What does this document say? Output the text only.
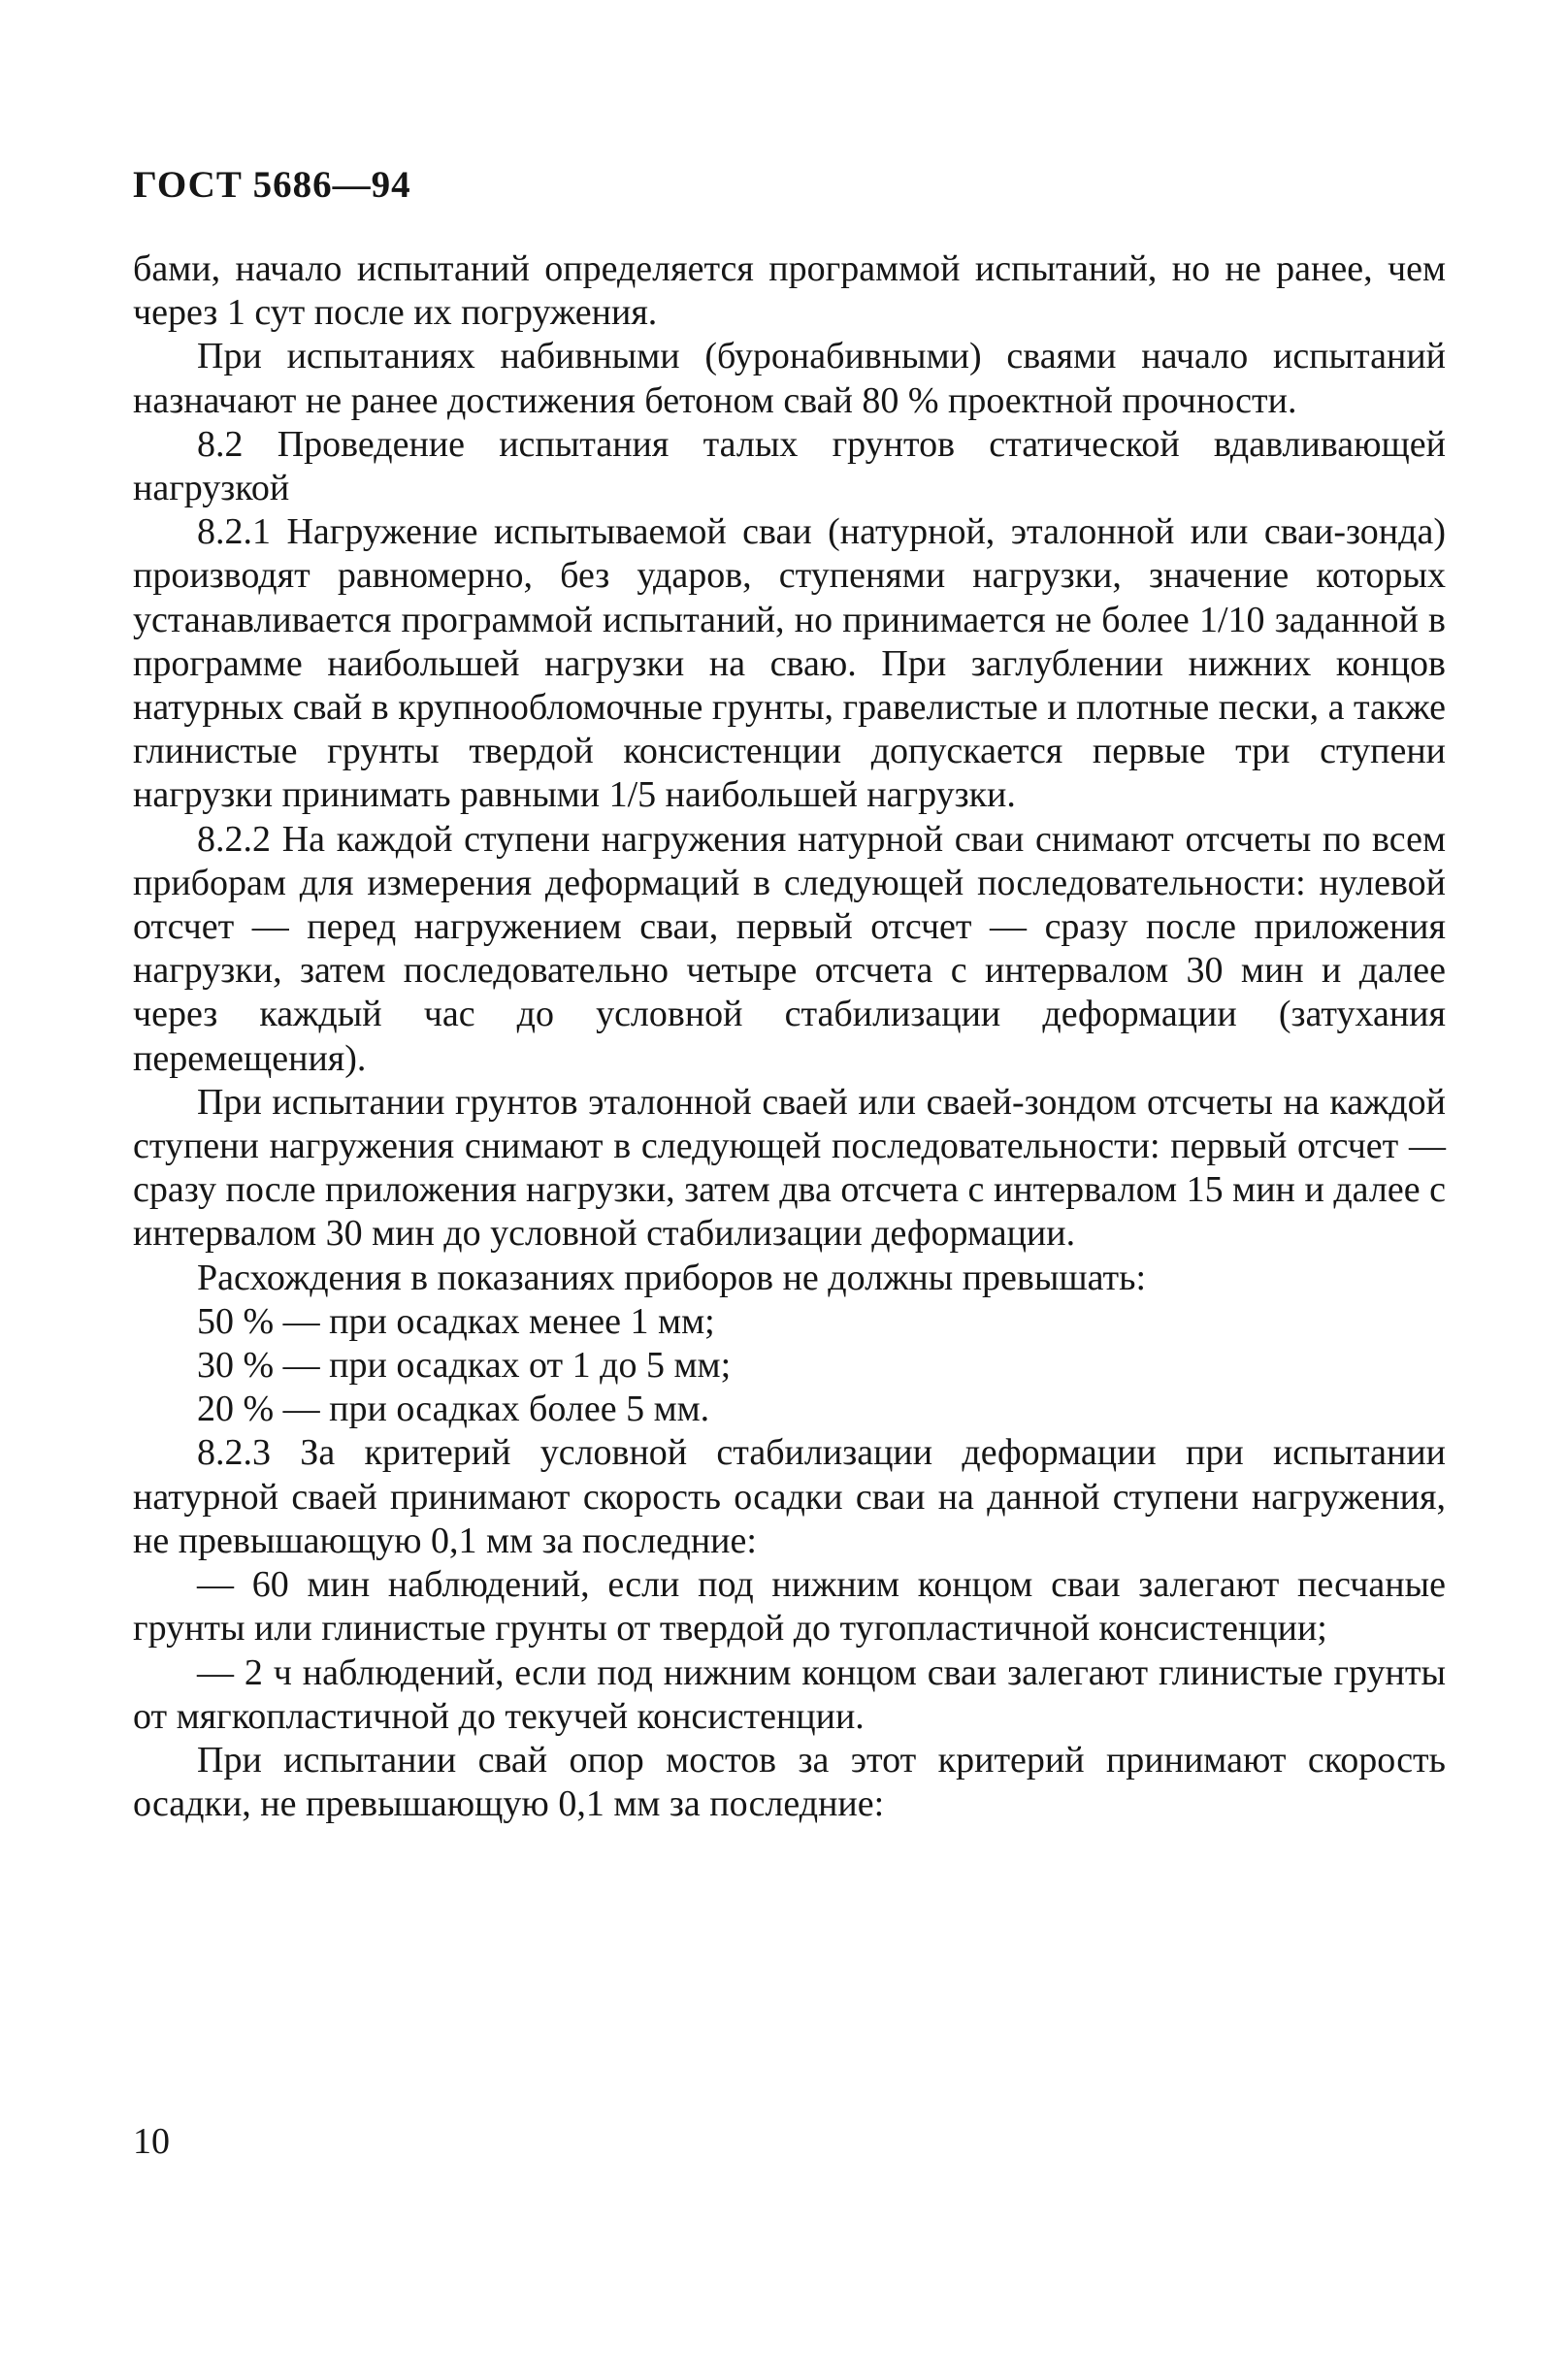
ГОСТ 5686—94

бами, начало испытаний определяется программой испытаний, но не ранее, чем через 1 сут после их погружения.

При испытаниях набивными (буронабивными) сваями начало испытаний назначают не ранее достижения бетоном свай 80 % проектной прочности.

8.2 Проведение испытания талых грунтов статической вдавливающей нагрузкой

8.2.1 Нагружение испытываемой сваи (натурной, эталонной или сваи-зонда) производят равномерно, без ударов, ступенями нагрузки, значение которых устанавливается программой испытаний, но принимается не более 1/10 заданной в программе наибольшей нагрузки на сваю. При заглублении нижних концов натурных свай в крупнообломочные грунты, гравелистые и плотные пески, а также глинистые грунты твердой консистенции допускается первые три ступени нагрузки принимать равными 1/5 наибольшей нагрузки.

8.2.2 На каждой ступени нагружения натурной сваи снимают отсчеты по всем приборам для измерения деформаций в следующей последовательности: нулевой отсчет — перед нагружением сваи, первый отсчет — сразу после приложения нагрузки, затем последовательно четыре отсчета с интервалом 30 мин и далее через каждый час до условной стабилизации деформации (затухания перемещения).

При испытании грунтов эталонной сваей или сваей-зондом отсчеты на каждой ступени нагружения снимают в следующей последовательности: первый отсчет — сразу после приложения нагрузки, затем два отсчета с интервалом 15 мин и далее с интервалом 30 мин до условной стабилизации деформации.

Расхождения в показаниях приборов не должны превышать:

50 % — при осадках менее 1 мм;

30 % — при осадках от 1 до 5 мм;

20 % — при осадках более 5 мм.

8.2.3 За критерий условной стабилизации деформации при испытании натурной сваей принимают скорость осадки сваи на данной ступени нагружения, не превышающую 0,1 мм за последние:

— 60 мин наблюдений, если под нижним концом сваи залегают песчаные грунты или глинистые грунты от твердой до тугопластичной консистенции;

— 2 ч наблюдений, если под нижним концом сваи залегают глинистые грунты от мягкопластичной до текучей консистенции.

При испытании свай опор мостов за этот критерий принимают скорость осадки, не превышающую 0,1 мм за последние:

10
